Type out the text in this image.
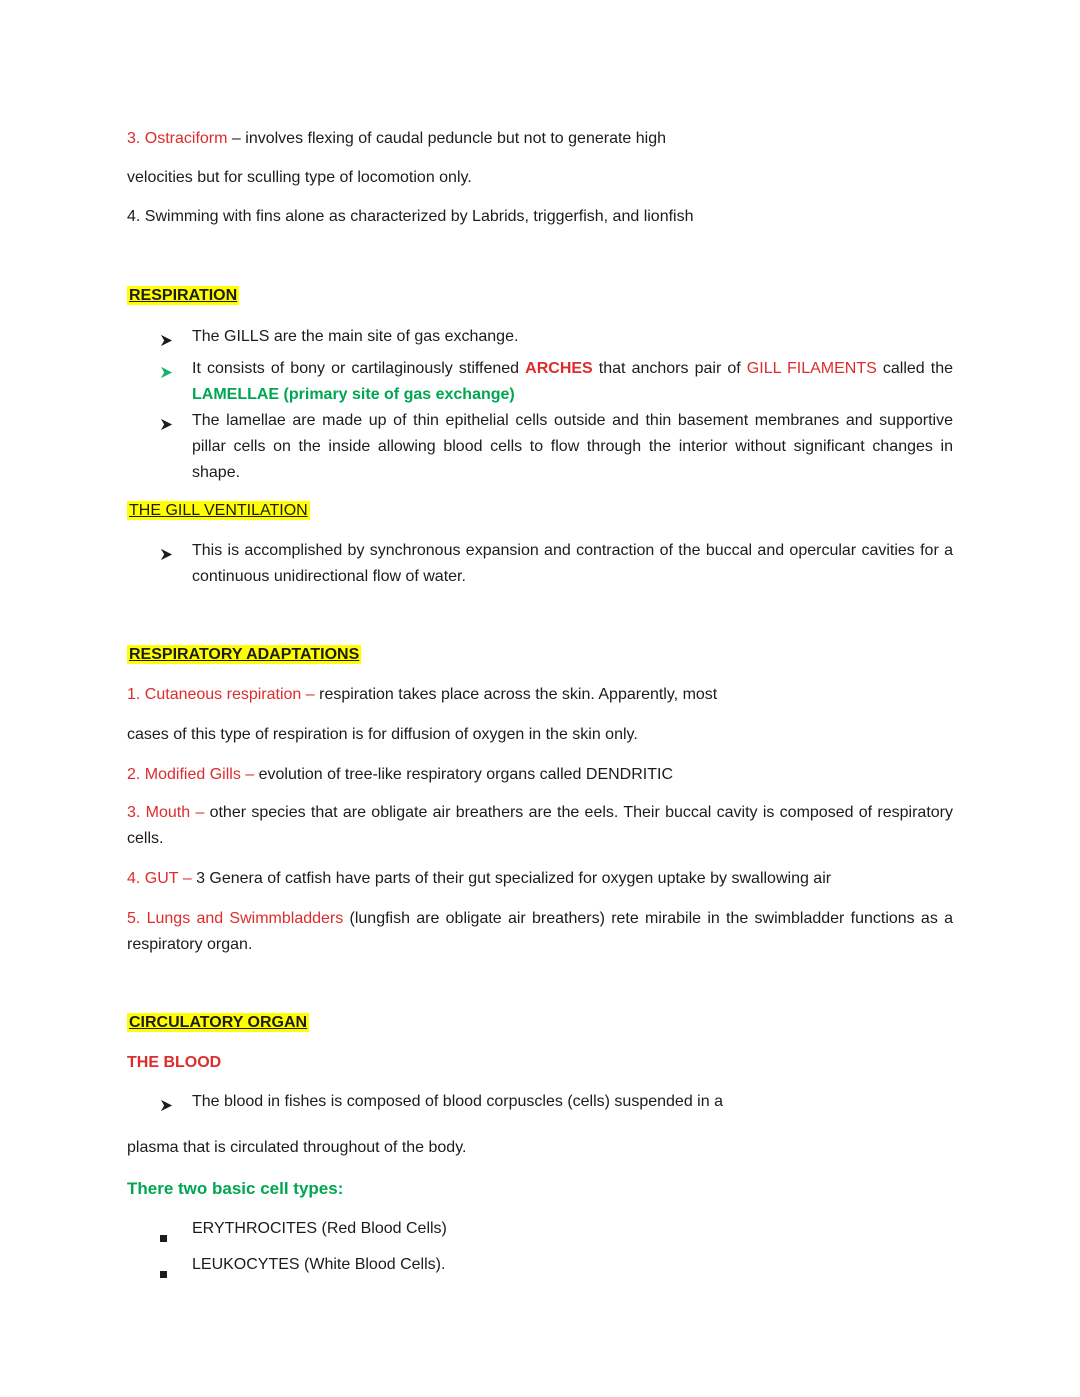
3. Ostraciform – involves flexing of caudal peduncle but not to generate high

velocities but for sculling type of locomotion only.

4. Swimming with fins alone as characterized by Labrids, triggerfish, and lionfish

RESPIRATION

The GILLS are the main site of gas exchange.
It consists of bony or cartilaginously stiffened ARCHES that anchors pair of GILL FILAMENTS called the LAMELLAE (primary site of gas exchange)
The lamellae are made up of thin epithelial cells outside and thin basement membranes and supportive pillar cells on the inside allowing blood cells to flow through the interior without significant changes in shape.

THE GILL VENTILATION

This is accomplished by synchronous expansion and contraction of the buccal and opercular cavities for a continuous unidirectional flow of water.

RESPIRATORY ADAPTATIONS

1. Cutaneous respiration – respiration takes place across the skin. Apparently, most

cases of this type of respiration is for diffusion of oxygen in the skin only.

2. Modified Gills – evolution of tree-like respiratory organs called DENDRITIC

3. Mouth – other species that are obligate air breathers are the eels. Their buccal cavity is composed of respiratory cells.

4. GUT – 3 Genera of catfish have parts of their gut specialized for oxygen uptake by swallowing air

5. Lungs and Swimmbladders (lungfish are obligate air breathers) rete mirabile in the swimbladder functions as a respiratory organ.

CIRCULATORY ORGAN

THE BLOOD

The blood in fishes is composed of blood corpuscles (cells) suspended in a

plasma that is circulated throughout of the body.

There two basic cell types:

ERYTHROCITES (Red Blood Cells)
LEUKOCYTES (White Blood Cells).
